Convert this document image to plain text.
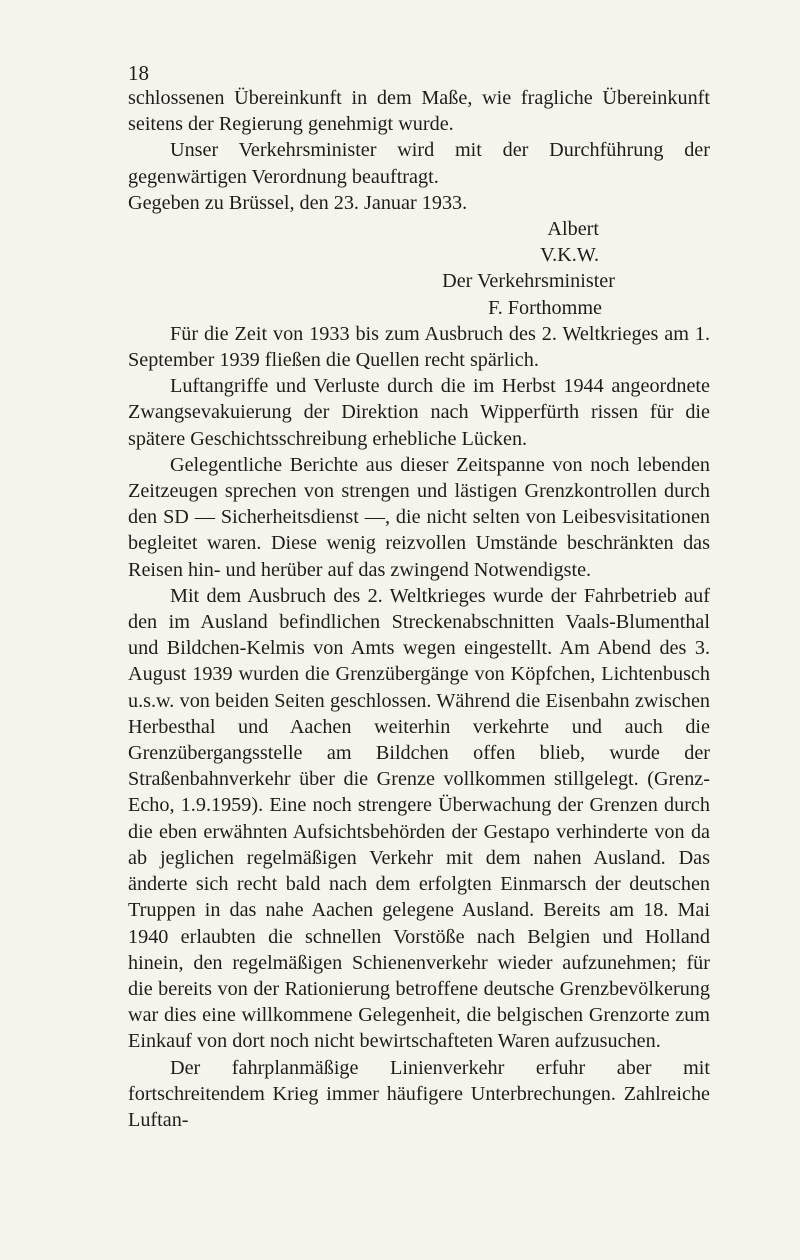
18

schlossenen Übereinkunft in dem Maße, wie fragliche Übereinkunft seitens der Regierung genehmigt wurde.

Unser Verkehrsminister wird mit der Durchführung der gegenwärtigen Verordnung beauftragt.

Gegeben zu Brüssel, den 23. Januar 1933.

Albert

V.K.W.

Der Verkehrsminister

F. Forthomme

Für die Zeit von 1933 bis zum Ausbruch des 2. Weltkrieges am 1. September 1939 fließen die Quellen recht spärlich.

Luftangriffe und Verluste durch die im Herbst 1944 angeordnete Zwangsevakuierung der Direktion nach Wipperfürth rissen für die spätere Geschichtsschreibung erhebliche Lücken.

Gelegentliche Berichte aus dieser Zeitspanne von noch lebenden Zeitzeugen sprechen von strengen und lästigen Grenzkontrollen durch den SD — Sicherheitsdienst —, die nicht selten von Leibesvisitationen begleitet waren. Diese wenig reizvollen Umstände beschränkten das Reisen hin- und herüber auf das zwingend Notwendigste.

Mit dem Ausbruch des 2. Weltkrieges wurde der Fahrbetrieb auf den im Ausland befindlichen Streckenabschnitten Vaals-Blumenthal und Bildchen-Kelmis von Amts wegen eingestellt. Am Abend des 3. August 1939 wurden die Grenzübergänge von Köpfchen, Lichtenbusch u.s.w. von beiden Seiten geschlossen. Während die Eisenbahn zwischen Herbesthal und Aachen weiterhin verkehrte und auch die Grenzübergangsstelle am Bildchen offen blieb, wurde der Straßenbahnverkehr über die Grenze vollkommen stillgelegt. (Grenz-Echo, 1.9.1959). Eine noch strengere Überwachung der Grenzen durch die eben erwähnten Aufsichtsbehörden der Gestapo verhinderte von da ab jeglichen regelmäßigen Verkehr mit dem nahen Ausland. Das änderte sich recht bald nach dem erfolgten Einmarsch der deutschen Truppen in das nahe Aachen gelegene Ausland. Bereits am 18. Mai 1940 erlaubten die schnellen Vorstöße nach Belgien und Holland hinein, den regelmäßigen Schienenverkehr wieder aufzunehmen; für die bereits von der Rationierung betroffene deutsche Grenzbevölkerung war dies eine willkommene Gelegenheit, die belgischen Grenzorte zum Einkauf von dort noch nicht bewirtschafteten Waren aufzusuchen.

Der fahrplanmäßige Linienverkehr erfuhr aber mit fortschreitendem Krieg immer häufigere Unterbrechungen. Zahlreiche Luftan-
